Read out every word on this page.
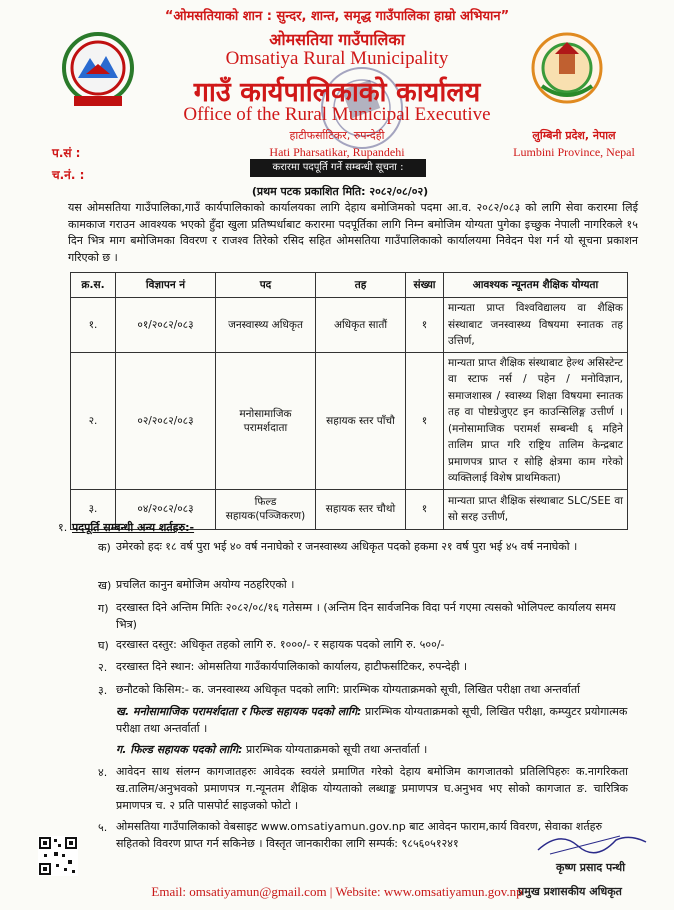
“ओमसतियाको शान : सुन्दर, शान्त, समृद्ध गाउँपालिका हाम्रो अभियान”
ओमसतिया गाउँपालिका
Omsatiya Rural Municipality
गाउँ कार्यपालिकाको कार्यालय
Office of the Rural Municipal Executive
हाटीफर्साटिकर, रुपन्देही
Hati Pharsatikar, Rupandehi
लुम्बिनी प्रदेश, नेपाल
Lumbini Province, Nepal
प.सं :
च.नं. :
करारमा पदपूर्ति गर्ने सम्बन्धी सूचना :
(प्रथम पटक प्रकाशित मिति: २०८२/०८/०२)
यस ओमसतिया गाउँपालिका,गाउँ कार्यपालिकाको कार्यालयका लागि देहाय बमोजिमको पदमा आ.व. २०८२/०८३ को लागि सेवा करारमा लिई कामकाज गराउन आवश्यक भएको हुँदा खुला प्रतिष्पर्धाबाट करारमा पदपूर्तिका लागि निम्न बमोजिम योग्यता पुगेका इच्छुक नेपाली नागरिकले १५ दिन भित्र माग बमोजिमका विवरण र राजश्व तिरेको रसिद सहित ओमसतिया गाउँपालिकाको कार्यालयमा निवेदन पेश गर्न यो सूचना प्रकाशन गरिएको छ ।
क्र.स.	विज्ञापन नं	पद	तह	संख्या	आवश्यक न्यूनतम शैक्षिक योग्यता
१.	०१/२०८२/०८३	जनस्वास्थ्य अधिकृत	अधिकृत सातौं	१	मान्यता प्राप्त विश्वविद्यालय वा शैक्षिक संस्थाबाट जनस्वास्थ्य विषयमा स्नातक तह उत्तिर्ण,
२.	०२/२०८२/०८३	मनोसामाजिक परामर्शदाता	सहायक स्तर पाँचौ	१	मान्यता प्राप्त शैक्षिक संस्थाबाट हेल्थ असिस्टेन्ट वा स्टाफ नर्स / पहेन / मनोविज्ञान, समाजशास्त्र / स्वास्थ्य शिक्षा विषयमा स्नातक तह वा पोष्टग्रेजुएट इन काउन्सिलिङ्ग उत्तीर्ण । (मनोसामाजिक परामर्श सम्बन्धी ६ महिने तालिम प्राप्त गरि राष्ट्रिय तालिम केन्द्रबाट प्रमाणपत्र प्राप्त र सोहि क्षेत्रमा काम गरेको व्यक्तिलाई विशेष प्राथमिकता)
३.	०४/२०८२/०८३	फिल्ड सहायक(पञ्जिकरण)	सहायक स्तर चौथो	१	मान्यता प्राप्त शैक्षिक संस्थाबाट SLC/SEE वा सो सरह उत्तीर्ण,
१. पदपूर्ति सम्बन्धी अन्य शर्तहरु:-
क) उमेरको हदः १८ वर्ष पुरा भई ४० वर्ष ननाघेको र जनस्वास्थ्य अधिकृत पदको हकमा २१ वर्ष पुरा भई ४५ वर्ष ननाघेको ।
ख) प्रचलित कानुन बमोजिम अयोग्य नठहरिएको ।
ग) दरखास्त दिने अन्तिम मितिः २०८२/०८/१६ गतेसम्म । (अन्तिम दिन सार्वजनिक विदा पर्न गएमा त्यसको भोलिपल्ट कार्यालय समय भित्र)
घ) दरखास्त दस्तुर: अधिकृत तहको लागि रु. १०००/- र सहायक पदको लागि रु. ५००/-
२. दरखास्त दिने स्थान: ओमसतिया गाउँकार्यपालिकाको कार्यालय, हाटीफर्साटिकर, रुपन्देही ।
३. छनौटको किसिम:- क. जनस्वास्थ्य अधिकृत पदको लागि: प्रारम्भिक योग्यताक्रमको सूची, लिखित परीक्षा तथा अन्तर्वार्ता
ख. मनोसामाजिक परामर्शदाता र फिल्ड सहायक पदको लागि: प्रारम्भिक योग्यताक्रमको सूची, लिखित परीक्षा, कम्प्युटर प्रयोगात्मक परीक्षा तथा अन्तर्वार्ता ।
ग. फिल्ड सहायक पदको लागि: प्रारम्भिक योग्यताक्रमको सूची तथा अन्तर्वार्ता ।
४. आवेदन साथ संलग्न कागजातहरुः आवेदक स्वयंले प्रमाणित गरेको देहाय बमोजिम कागजातको प्रतिलिपिहरुः क.नागरिकता ख.तालिम/अनुभवको प्रमाणपत्र ग.न्यूनतम शैक्षिक योग्यताको लब्धाङ्क प्रमाणपत्र घ.अनुभव भए सोको कागजात ङ. चारित्रिक प्रमाणपत्र च. २ प्रति पासपोर्ट साइजको फोटो ।
५. ओमसतिया गाउँपालिकाको वेबसाइट www.omsatiyamun.gov.np बाट आवेदन फाराम,कार्य विवरण, सेवाका शर्तहरु सहितको विवरण प्राप्त गर्न सकिनेछ । विस्तृत जानकारीका लागि सम्पर्क: ९८५६०५१२४१
कृष्ण प्रसाद पन्थी
प्रमुख प्रशासकीय अधिकृत
Email: omsatiyamun@gmail.com | Website: www.omsatiyamun.gov.np
